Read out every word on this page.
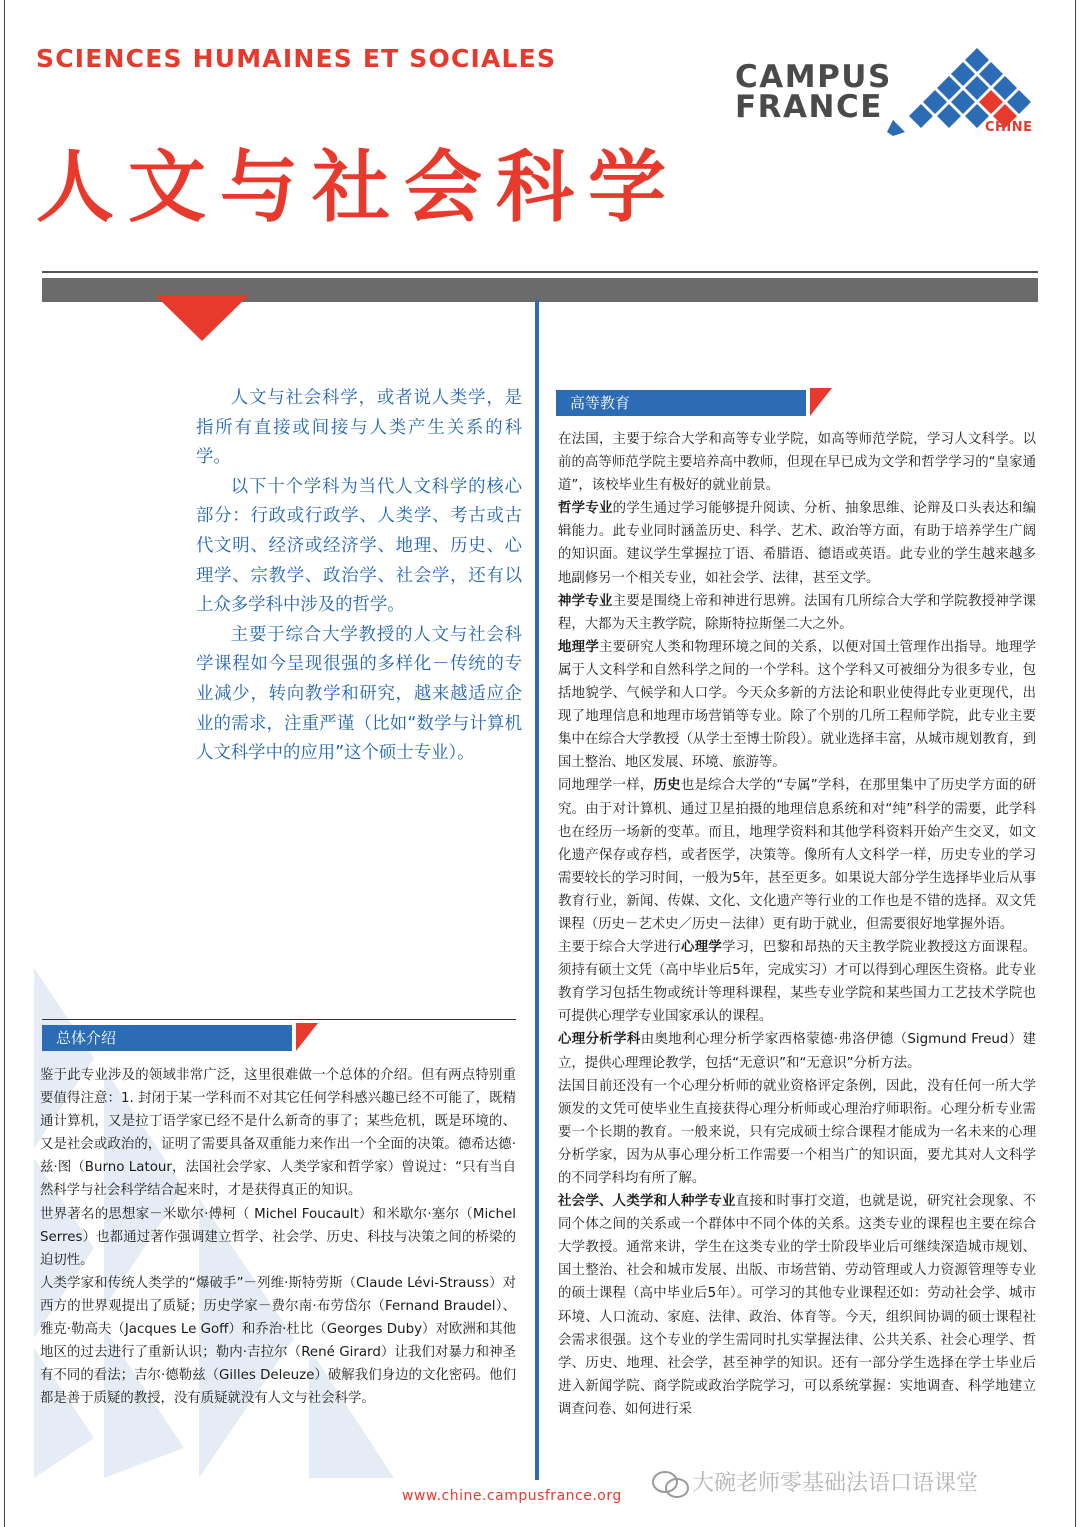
SCIENCES HUMAINES ET SOCIALES
CAMPUS
FRANCE
CHINE
人文与社会科学

人文与社会科学，或者说人类学，是指所有直接或间接与人类产生关系的科学。

以下十个学科为当代人文科学的核心部分：行政或行政学、人类学、考古或古代文明、经济或经济学、地理、历史、心理学、宗教学、政治学、社会学，还有以上众多学科中涉及的哲学。

主要于综合大学教授的人文与社会科学课程如今呈现很强的多样化－传统的专业减少，转向教学和研究，越来越适应企业的需求，注重严谨（比如“数学与计算机人文科学中的应用”这个硕士专业）。

总体介绍

鉴于此专业涉及的领域非常广泛，这里很难做一个总体的介绍。但有两点特别重要值得注意：1. 封闭于某一学科而不对其它任何学科感兴趣已经不可能了，既精通计算机，又是拉丁语学家已经不是什么新奇的事了；某些危机，既是环境的、又是社会或政治的，证明了需要具备双重能力来作出一个全面的决策。德希达德·兹·图（Burno Latour，法国社会学家、人类学家和哲学家）曾说过：“只有当自然科学与社会科学结合起来时，才是获得真正的知识。

世界著名的思想家－米歇尔·傅柯（ Michel Foucault）和米歇尔·塞尔（Michel Serres）也都通过著作强调建立哲学、社会学、历史、科技与决策之间的桥梁的迫切性。

人类学家和传统人类学的“爆破手”－列维·斯特劳斯（Claude Lévi-Strauss）对西方的世界观提出了质疑；历史学家－费尔南·布劳岱尔（Fernand Braudel）、雅克·勒高夫（Jacques Le Goff）和乔治·杜比（Georges Duby）对欧洲和其他地区的过去进行了重新认识；勒内·吉拉尔（René Girard）让我们对暴力和神圣有不同的看法；吉尔·德勒兹（Gilles Deleuze）破解我们身边的文化密码。他们都是善于质疑的教授，没有质疑就没有人文与社会科学。

高等教育

在法国，主要于综合大学和高等专业学院，如高等师范学院，学习人文科学。以前的高等师范学院主要培养高中教师，但现在早已成为文学和哲学学习的“皇家通道”，该校毕业生有极好的就业前景。

哲学专业的学生通过学习能够提升阅读、分析、抽象思维、论辩及口头表达和编辑能力。此专业同时涵盖历史、科学、艺术、政治等方面，有助于培养学生广阔的知识面。建议学生掌握拉丁语、希腊语、德语或英语。此专业的学生越来越多地副修另一个相关专业，如社会学、法律，甚至文学。

神学专业主要是围绕上帝和神进行思辨。法国有几所综合大学和学院教授神学课程，大都为天主教学院，除斯特拉斯堡二大之外。

地理学主要研究人类和物理环境之间的关系，以便对国土管理作出指导。地理学属于人文科学和自然科学之间的一个学科。这个学科又可被细分为很多专业，包括地貌学、气候学和人口学。今天众多新的方法论和职业使得此专业更现代，出现了地理信息和地理市场营销等专业。除了个别的几所工程师学院，此专业主要集中在综合大学教授（从学士至博士阶段）。就业选择丰富，从城市规划教育，到国土整治、地区发展、环境、旅游等。

同地理学一样，历史也是综合大学的“专属”学科，在那里集中了历史学方面的研究。由于对计算机、通过卫星拍摄的地理信息系统和对“纯”科学的需要，此学科也在经历一场新的变革。而且，地理学资料和其他学科资料开始产生交叉，如文化遗产保存或存档，或者医学，决策等。像所有人文科学一样，历史专业的学习需要较长的学习时间，一般为5年，甚至更多。如果说大部分学生选择毕业后从事教育行业，新闻、传媒、文化、文化遗产等行业的工作也是不错的选择。双文凭课程（历史－艺术史／历史－法律）更有助于就业，但需要很好地掌握外语。

主要于综合大学进行心理学学习，巴黎和昂热的天主教学院业教授这方面课程。须持有硕士文凭（高中毕业后5年，完成实习）才可以得到心理医生资格。此专业教育学习包括生物或统计等理科课程，某些专业学院和某些国力工艺技术学院也可提供心理学专业国家承认的课程。

心理分析学科由奥地利心理分析学家西格蒙德·弗洛伊德（Sigmund Freud）建立，提供心理理论教学，包括“无意识”和“无意识”分析方法。

法国目前还没有一个心理分析师的就业资格评定条例，因此，没有任何一所大学颁发的文凭可使毕业生直接获得心理分析师或心理治疗师职衔。心理分析专业需要一个长期的教育。一般来说，只有完成硕士综合课程才能成为一名未来的心理分析学家，因为从事心理分析工作需要一个相当广的知识面，要尤其对人文科学的不同学科均有所了解。

社会学、人类学和人种学专业直接和时事打交道，也就是说，研究社会现象、不同个体之间的关系或一个群体中不同个体的关系。这类专业的课程也主要在综合大学教授。通常来讲，学生在这类专业的学士阶段毕业后可继续深造城市规划、国土整治、社会和城市发展、出版、市场营销、劳动管理或人力资源管理等专业的硕士课程（高中毕业后5年）。可学习的其他专业课程还如：劳动社会学、城市环境、人口流动、家庭、法律、政治、体育等。今天，组织间协调的硕士课程社会需求很强。这个专业的学生需同时扎实掌握法律、公共关系、社会心理学、哲学、历史、地理、社会学，甚至神学的知识。还有一部分学生选择在学士毕业后进入新闻学院、商学院或政治学院学习，可以系统掌握：实地调查、科学地建立调查问卷、如何进行采

www.chine.campusfrance.org	大碗老师零基础法语口语课堂
